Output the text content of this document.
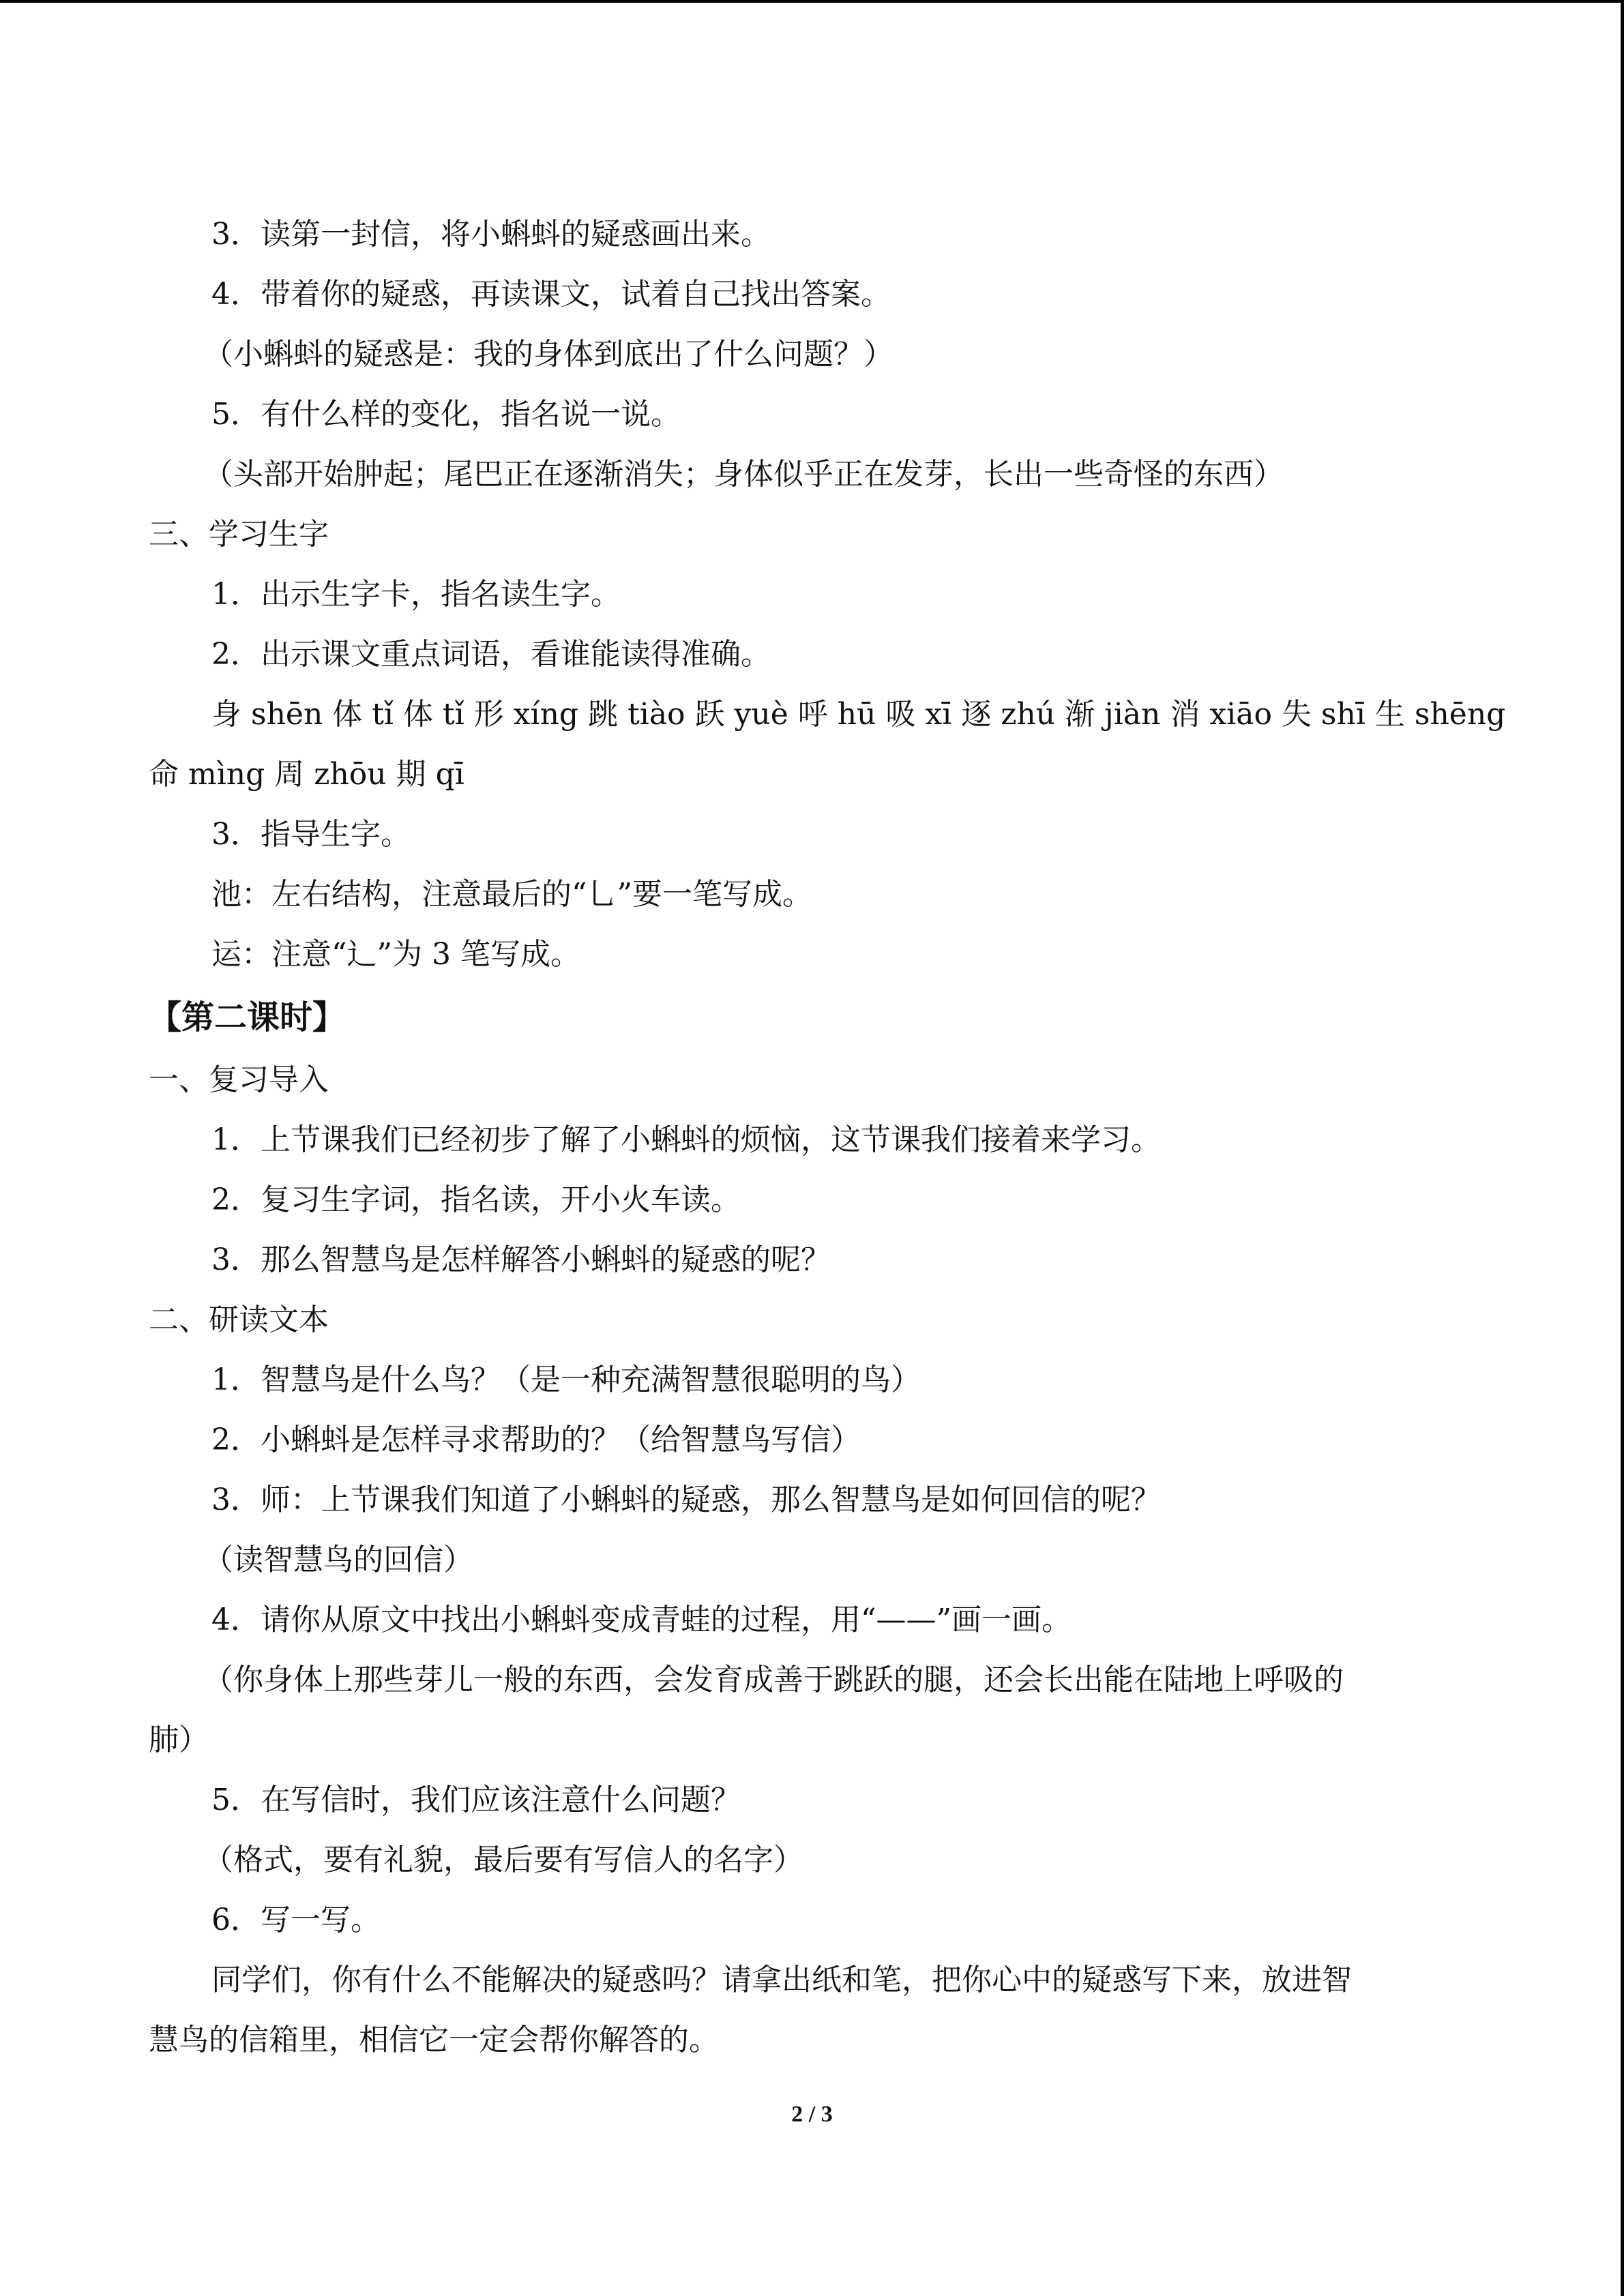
3．读第一封信，将小蝌蚪的疑惑画出来。
4．带着你的疑惑，再读课文，试着自己找出答案。
（小蝌蚪的疑惑是：我的身体到底出了什么问题？）
5．有什么样的变化，指名说一说。
（头部开始肿起；尾巴正在逐渐消失；身体似乎正在发芽，长出一些奇怪的东西）
三、学习生字
1．出示生字卡，指名读生字。
2．出示课文重点词语，看谁能读得准确。
身 shēn 体 tǐ 体 tǐ 形 xíng 跳 tiào 跃 yuè 呼 hū 吸 xī 逐 zhú 渐 jiàn 消 xiāo 失 shī 生 shēng
命 mìng 周 zhōu 期 qī
3．指导生字。
池：左右结构，注意最后的“乚”要一笔写成。
运：注意“辶”为 3 笔写成。
【第二课时】
一、复习导入
1．上节课我们已经初步了解了小蝌蚪的烦恼，这节课我们接着来学习。
2．复习生字词，指名读，开小火车读。
3．那么智慧鸟是怎样解答小蝌蚪的疑惑的呢？
二、研读文本
1．智慧鸟是什么鸟？（是一种充满智慧很聪明的鸟）
2．小蝌蚪是怎样寻求帮助的？（给智慧鸟写信）
3．师：上节课我们知道了小蝌蚪的疑惑，那么智慧鸟是如何回信的呢？
（读智慧鸟的回信）
4．请你从原文中找出小蝌蚪变成青蛙的过程，用“——”画一画。
（你身体上那些芽儿一般的东西，会发育成善于跳跃的腿，还会长出能在陆地上呼吸的
肺）
5．在写信时，我们应该注意什么问题？
（格式，要有礼貌，最后要有写信人的名字）
6．写一写。
同学们，你有什么不能解决的疑惑吗？请拿出纸和笔，把你心中的疑惑写下来，放进智
慧鸟的信箱里，相信它一定会帮你解答的。
2 / 3
